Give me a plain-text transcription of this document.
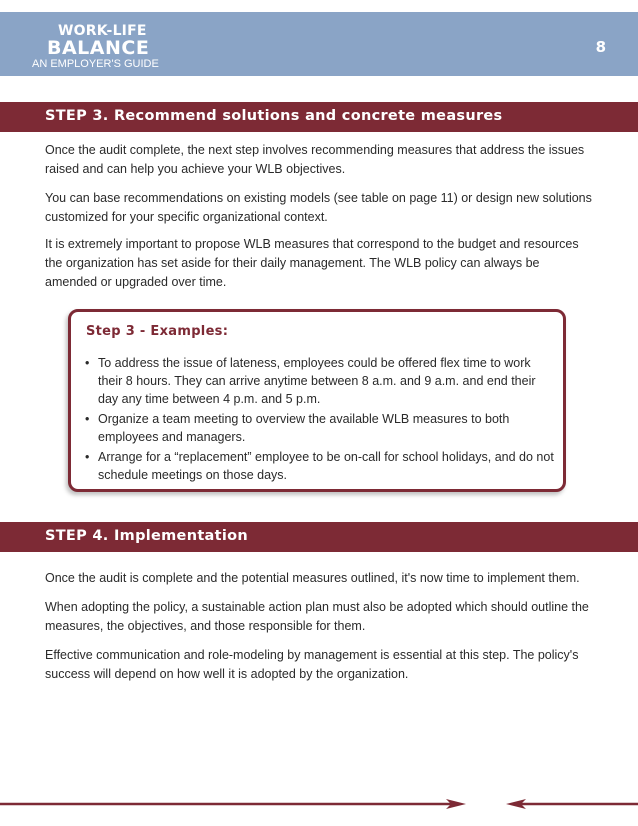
WORK-LIFE
BALANCE
AN EMPLOYER'S GUIDE
8
STEP 3. Recommend solutions and concrete measures

Once the audit complete, the next step involves recommending measures that address the issues raised and can help you achieve your WLB objectives.

You can base recommendations on existing models (see table on page 11) or design new solutions customized for your specific organizational context.

It is extremely important to propose WLB measures that correspond to the budget and resources the organization has set aside for their daily management. The WLB policy can always be amended or upgraded over time.

Step 3 - Examples:
• To address the issue of lateness, employees could be offered flex time to work their 8 hours. They can arrive anytime between 8 a.m. and 9 a.m. and end their day any time between 4 p.m. and 5 p.m.
• Organize a team meeting to overview the available WLB measures to both employees and managers.
• Arrange for a “replacement” employee to be on-call for school holidays, and do not schedule meetings on those days.
STEP 4. Implementation

Once the audit is complete and the potential measures outlined, it's now time to implement them.

When adopting the policy, a sustainable action plan must also be adopted which should outline the measures, the objectives, and those responsible for them.

Effective communication and role-modeling by management is essential at this step. The policy's success will depend on how well it is adopted by the organization.
